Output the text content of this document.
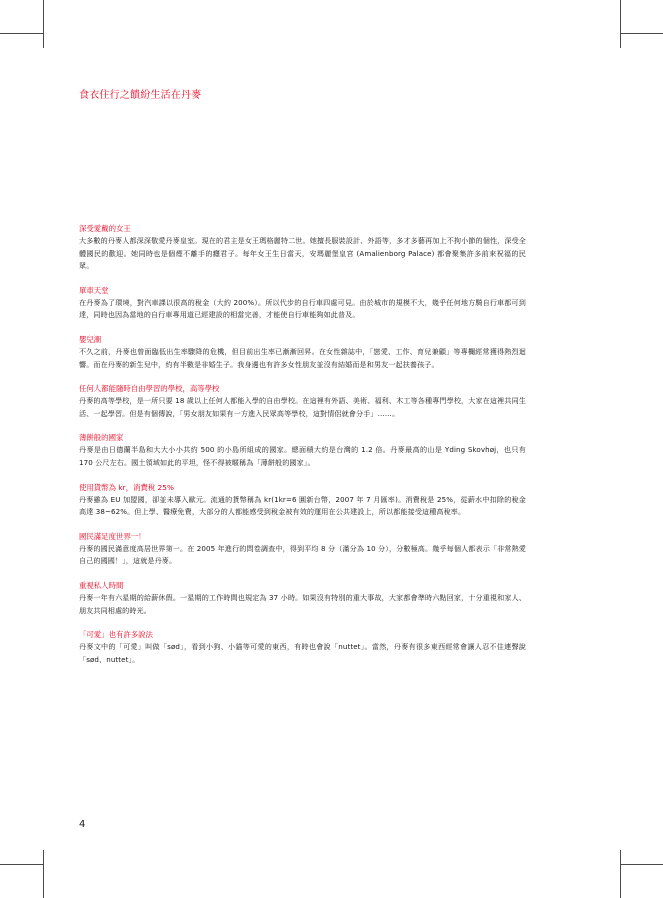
食衣住行之饋紛生活在丹麥

深受愛戴的女王

大多數的丹麥人都深深敬愛丹麥皇室。現在的君主是女王瑪格麗特二世。她擅長服裝設計、外語等，多才多藝再加上不拘小節的個性，深受全體國民的歡迎。她同時也是個煙不離手的癮君子。每年女王生日當天，安瑪麗堡皇宮 (Amalienborg Palace) 都會聚集許多前來祝福的民眾。

單車天堂

在丹麥為了環境，對汽車課以很高的稅金（大約 200%）。所以代步的自行車四處可見。由於城市的規模不大，幾乎任何地方騎自行車都可到達，同時也因為當地的自行車專用道已經建設的相當完善，才能使自行車能夠如此普及。

嬰兒潮

不久之前，丹麥也曾面臨低出生率驟降的危機，但目前出生率已漸漸回昇。在女性雜誌中，「戀愛、工作、育兒兼顧」等專欄經常獲得熱烈迴響。而在丹麥的新生兒中，約有半數是非婚生子。我身邊也有許多女性朋友並沒有結婚而是和男友一起扶養孩子。

任何人都能隨時自由學習的學校，高等學校

丹麥的高等學校，是一所只要 18 歲以上任何人都能入學的自由學校。在這裡有外語、美術、福利、木工等各種專門學校，大家在這裡共同生活、一起學習。但是有個傳說，「男女朋友如果有一方進入民眾高等學校，這對情侶就會分手」……。

薄餅般的國家

丹麥是由日德蘭半島和大大小小共約 500 的小島所組成的國家。總面積大約是台灣的 1.2 倍。丹麥最高的山是 Yding Skovhøj，也只有 170 公尺左右。國土領域如此的平坦，怪不得被暱稱為「薄餅般的國家」。

使用貨幣為 kr，消費稅 25%

丹麥雖為 EU 加盟國，卻並未導入歐元。流通的貨幣稱為 kr(1kr=6 圓新台幣，2007 年 7 月匯率)。消費稅是 25%，從薪水中扣除的稅金高達 38~62%。但上學、醫療免費，大部分的人都能感受到稅金被有效的運用在公共建設上，所以都能接受這種高稅率。

國民滿足度世界一！

丹麥的國民滿意度高居世界第一。在 2005 年進行的問卷調查中，得到平均 8 分（滿分為 10 分），分數極高。幾乎每個人都表示「非常熱愛自己的國國！」，這就是丹麥。

重視私人時間

丹麥一年有六星期的給薪休假。一星期的工作時間也規定為 37 小時。如果沒有特別的重大事故，大家都會準時六點回家，十分重視和家人、朋友共同相處的時光。

「可愛」也有許多說法

丹麥文中的「可愛」叫做「sød」，看到小狗、小貓等可愛的東西，有時也會說「nuttet」。當然，丹麥有很多東西經常會讓人忍不住連聲說「sød、nuttet」。

4
